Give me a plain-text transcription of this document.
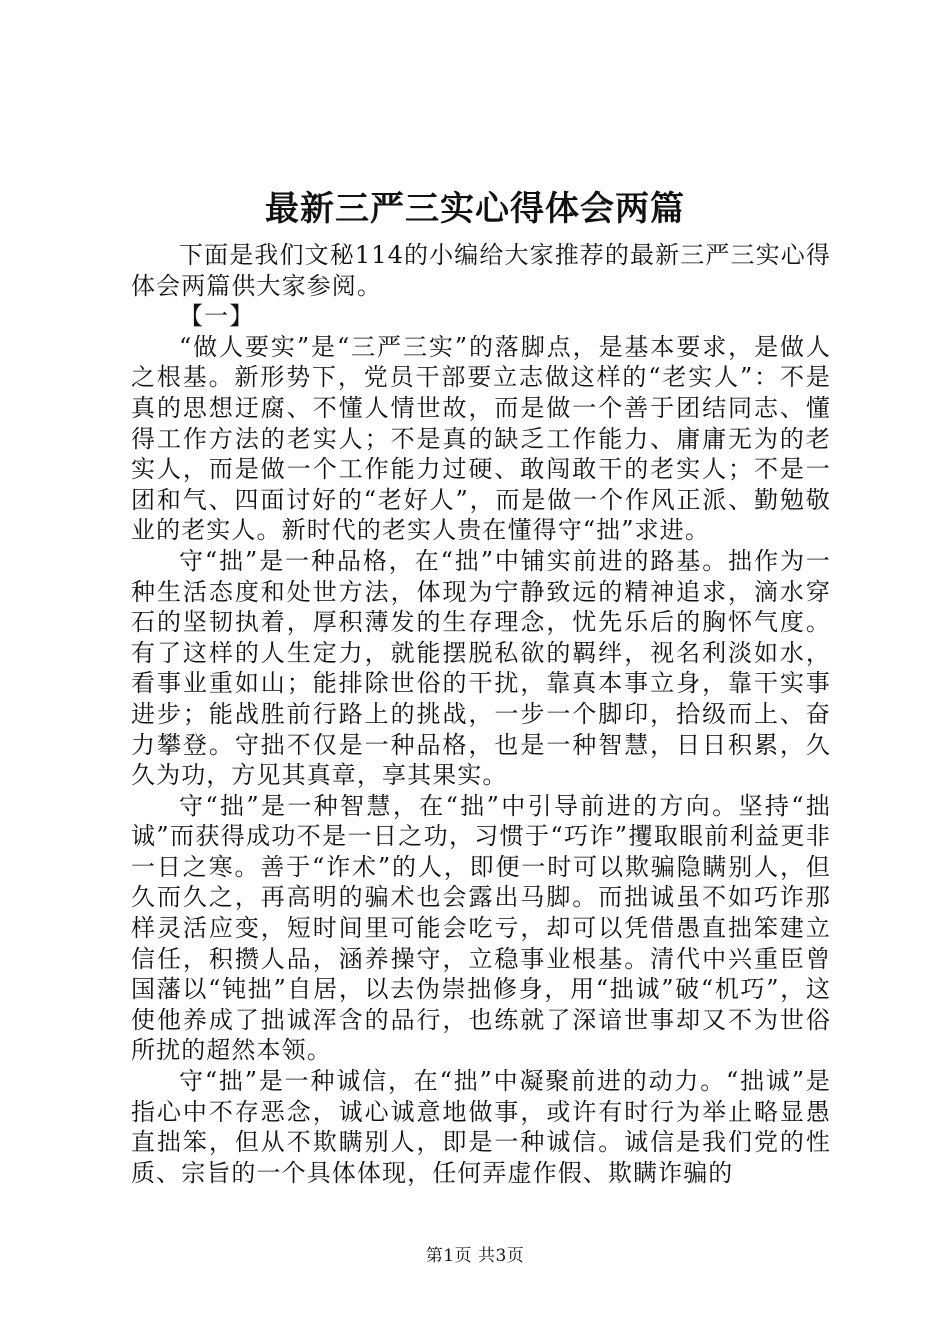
最新三严三实心得体会两篇

下面是我们文秘114的小编给大家推荐的最新三严三实心得体会两篇供大家参阅。

【一】

“做人要实”是“三严三实”的落脚点，是基本要求，是做人之根基。新形势下，党员干部要立志做这样的“老实人”：不是真的思想迂腐、不懂人情世故，而是做一个善于团结同志、懂得工作方法的老实人；不是真的缺乏工作能力、庸庸无为的老实人，而是做一个工作能力过硬、敢闯敢干的老实人；不是一团和气、四面讨好的“老好人”，而是做一个作风正派、勤勉敬业的老实人。新时代的老实人贵在懂得守“拙”求进。

守“拙”是一种品格，在“拙”中铺实前进的路基。拙作为一种生活态度和处世方法，体现为宁静致远的精神追求，滴水穿石的坚韧执着，厚积薄发的生存理念，忧先乐后的胸怀气度。有了这样的人生定力，就能摆脱私欲的羁绊，视名利淡如水，看事业重如山；能排除世俗的干扰，靠真本事立身，靠干实事进步；能战胜前行路上的挑战，一步一个脚印，拾级而上、奋力攀登。守拙不仅是一种品格，也是一种智慧，日日积累，久久为功，方见其真章，享其果实。

守“拙”是一种智慧，在“拙”中引导前进的方向。坚持“拙诚”而获得成功不是一日之功，习惯于“巧诈”攫取眼前利益更非一日之寒。善于“诈术”的人，即便一时可以欺骗隐瞒别人，但久而久之，再高明的骗术也会露出马脚。而拙诚虽不如巧诈那样灵活应变，短时间里可能会吃亏，却可以凭借愚直拙笨建立信任，积攒人品，涵养操守，立稳事业根基。清代中兴重臣曾国藩以“钝拙”自居，以去伪崇拙修身，用“拙诚”破“机巧”，这使他养成了拙诚浑含的品行，也练就了深谙世事却又不为世俗所扰的超然本领。

守“拙”是一种诚信，在“拙”中凝聚前进的动力。“拙诚”是指心中不存恶念，诚心诚意地做事，或许有时行为举止略显愚直拙笨，但从不欺瞒别人，即是一种诚信。诚信是我们党的性质、宗旨的一个具体体现，任何弄虚作假、欺瞒诈骗的

第1页 共3页
